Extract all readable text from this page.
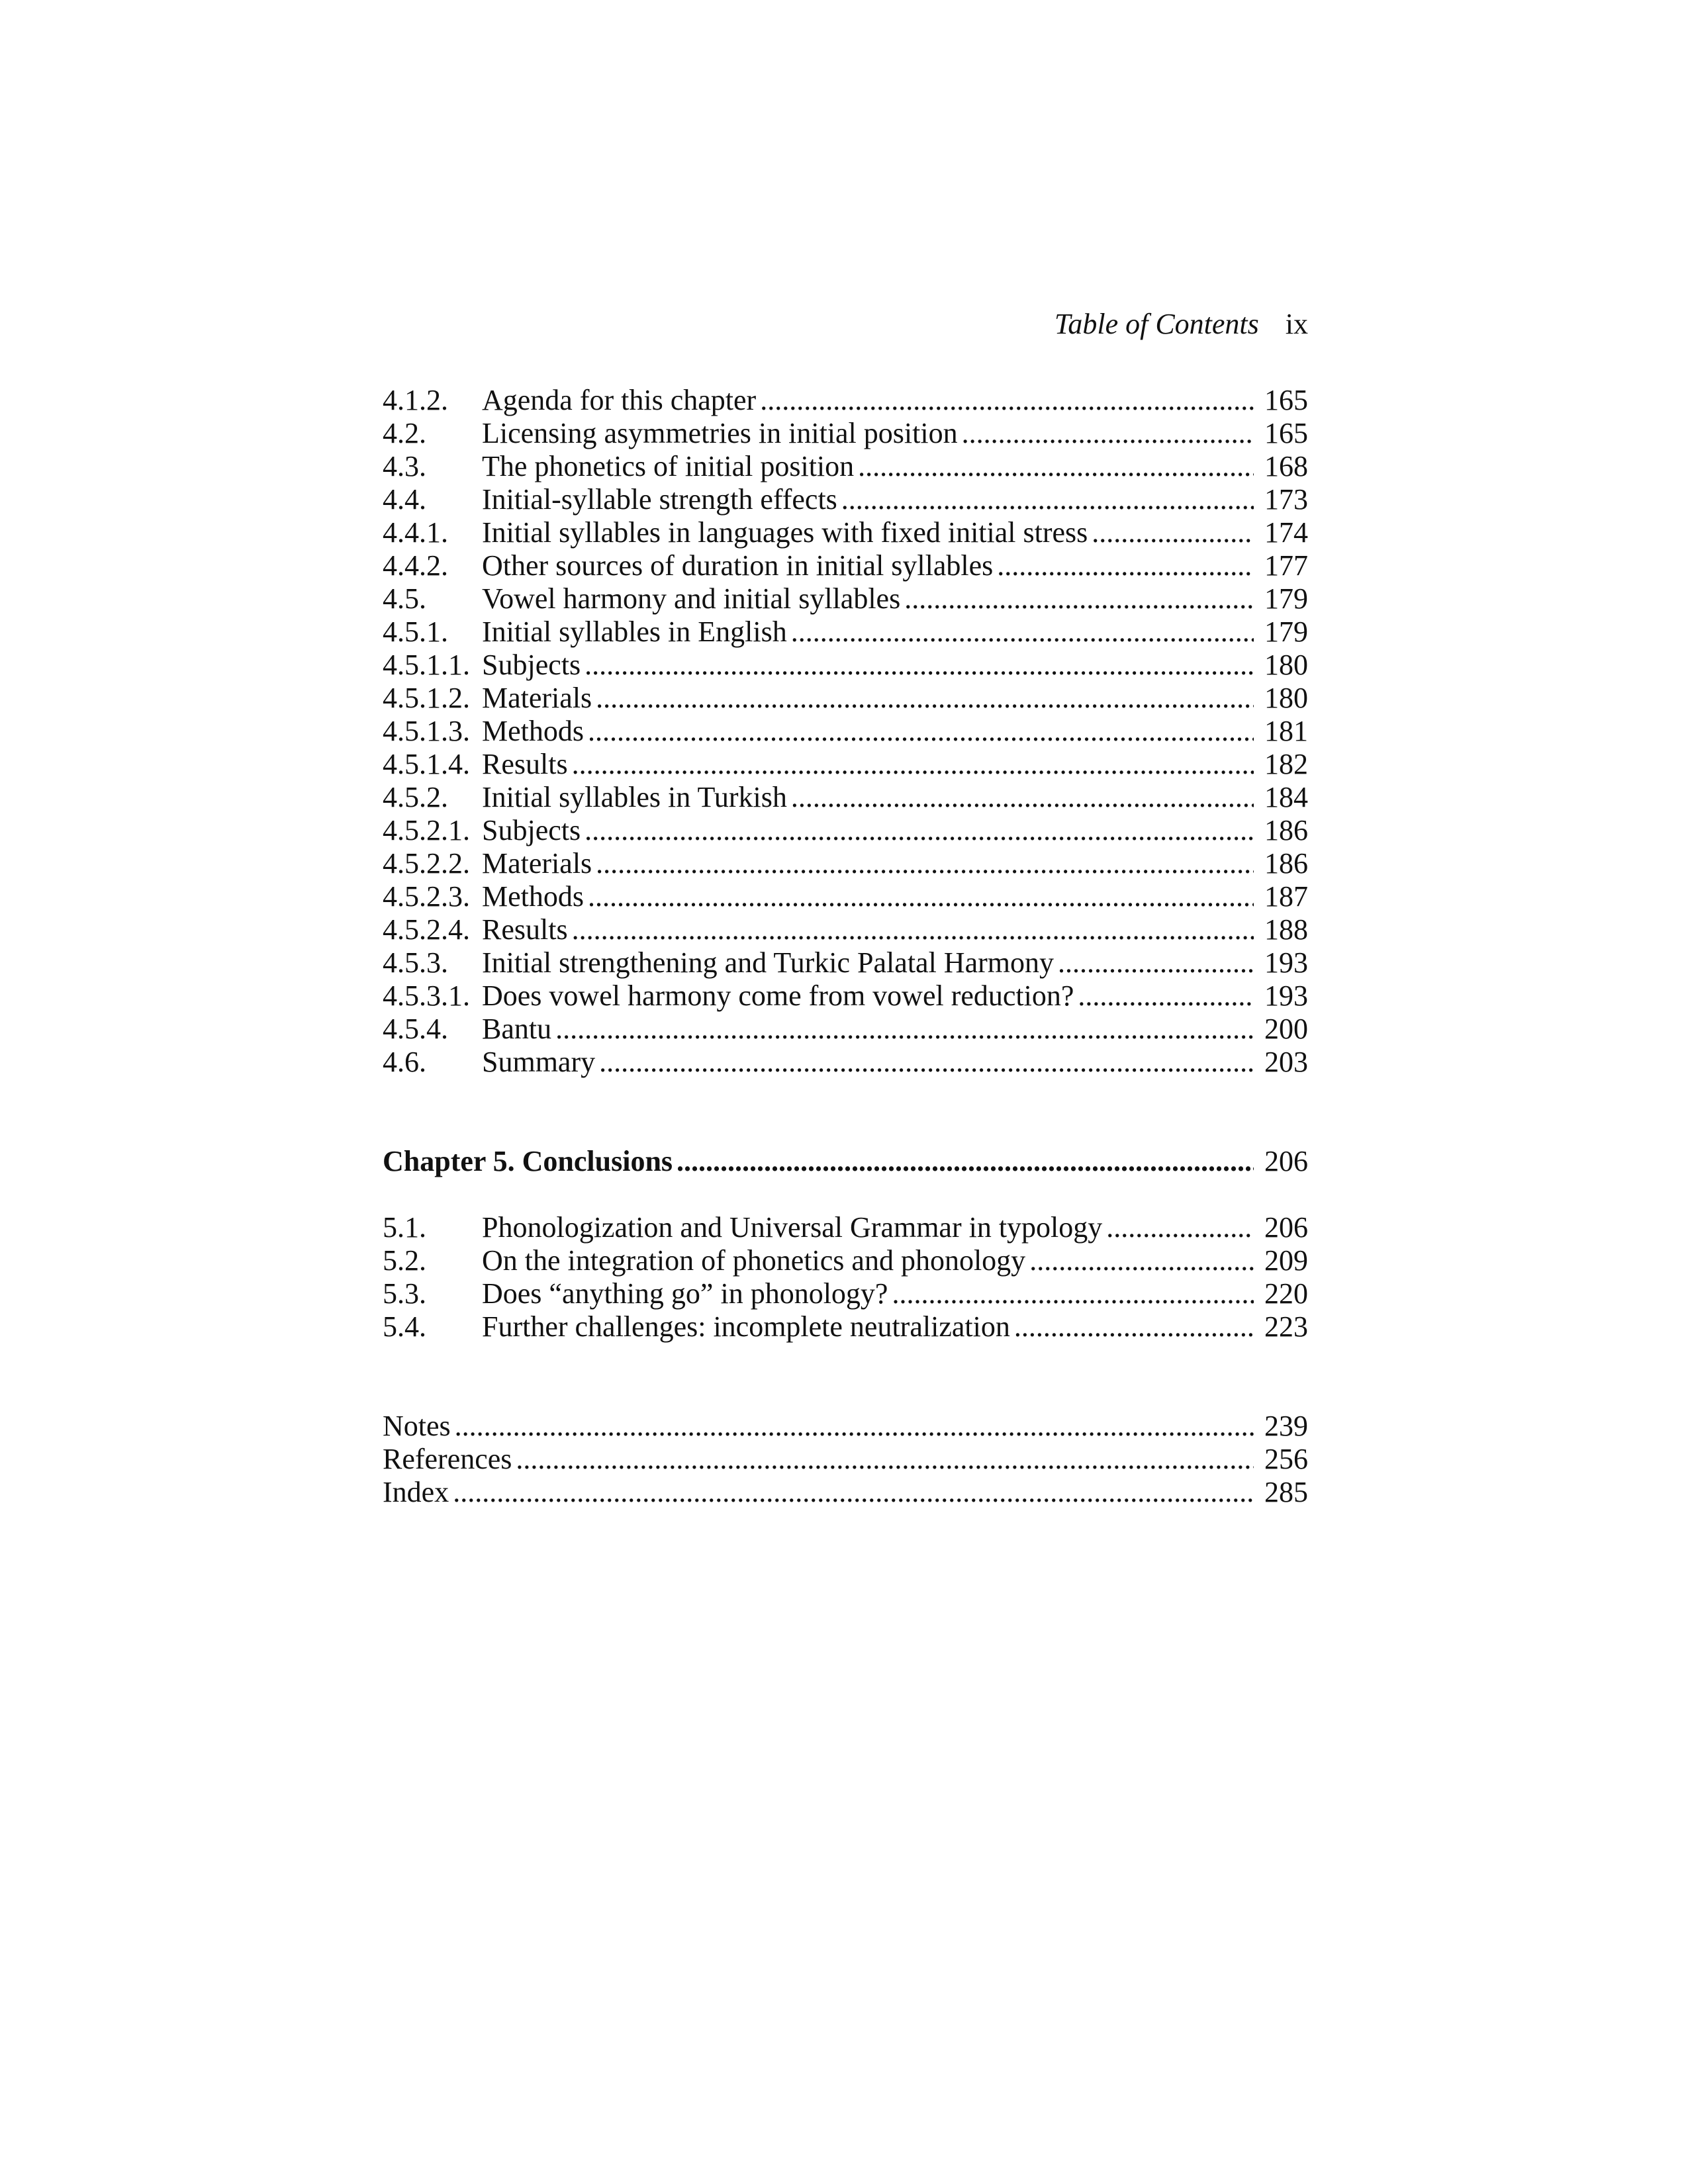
Table of Contents ix
4.1.2.	Agenda for this chapter .....	165
4.2.	Licensing asymmetries in initial position .....	165
4.3.	The phonetics of initial position .....	168
4.4.	Initial-syllable strength effects .....	173
4.4.1.	Initial syllables in languages with fixed initial stress .....	174
4.4.2.	Other sources of duration in initial syllables .....	177
4.5.	Vowel harmony and initial syllables .....	179
4.5.1.	Initial syllables in English .....	179
4.5.1.1. Subjects .....	180
4.5.1.2. Materials .....	180
4.5.1.3. Methods .....	181
4.5.1.4. Results .....	182
4.5.2.	Initial syllables in Turkish .....	184
4.5.2.1. Subjects .....	186
4.5.2.2. Materials .....	186
4.5.2.3. Methods .....	187
4.5.2.4. Results .....	188
4.5.3.	Initial strengthening and Turkic Palatal Harmony .....	193
4.5.3.1. Does vowel harmony come from vowel reduction? .....	193
4.5.4.	Bantu .....	200
4.6.	Summary .....	203
Chapter 5. Conclusions .....	206
5.1.	Phonologization and Universal Grammar in typology .....	206
5.2.	On the integration of phonetics and phonology .....	209
5.3.	Does “anything go” in phonology? .....	220
5.4.	Further challenges: incomplete neutralization .....	223
Notes .....	239
References .....	256
Index .....	285
